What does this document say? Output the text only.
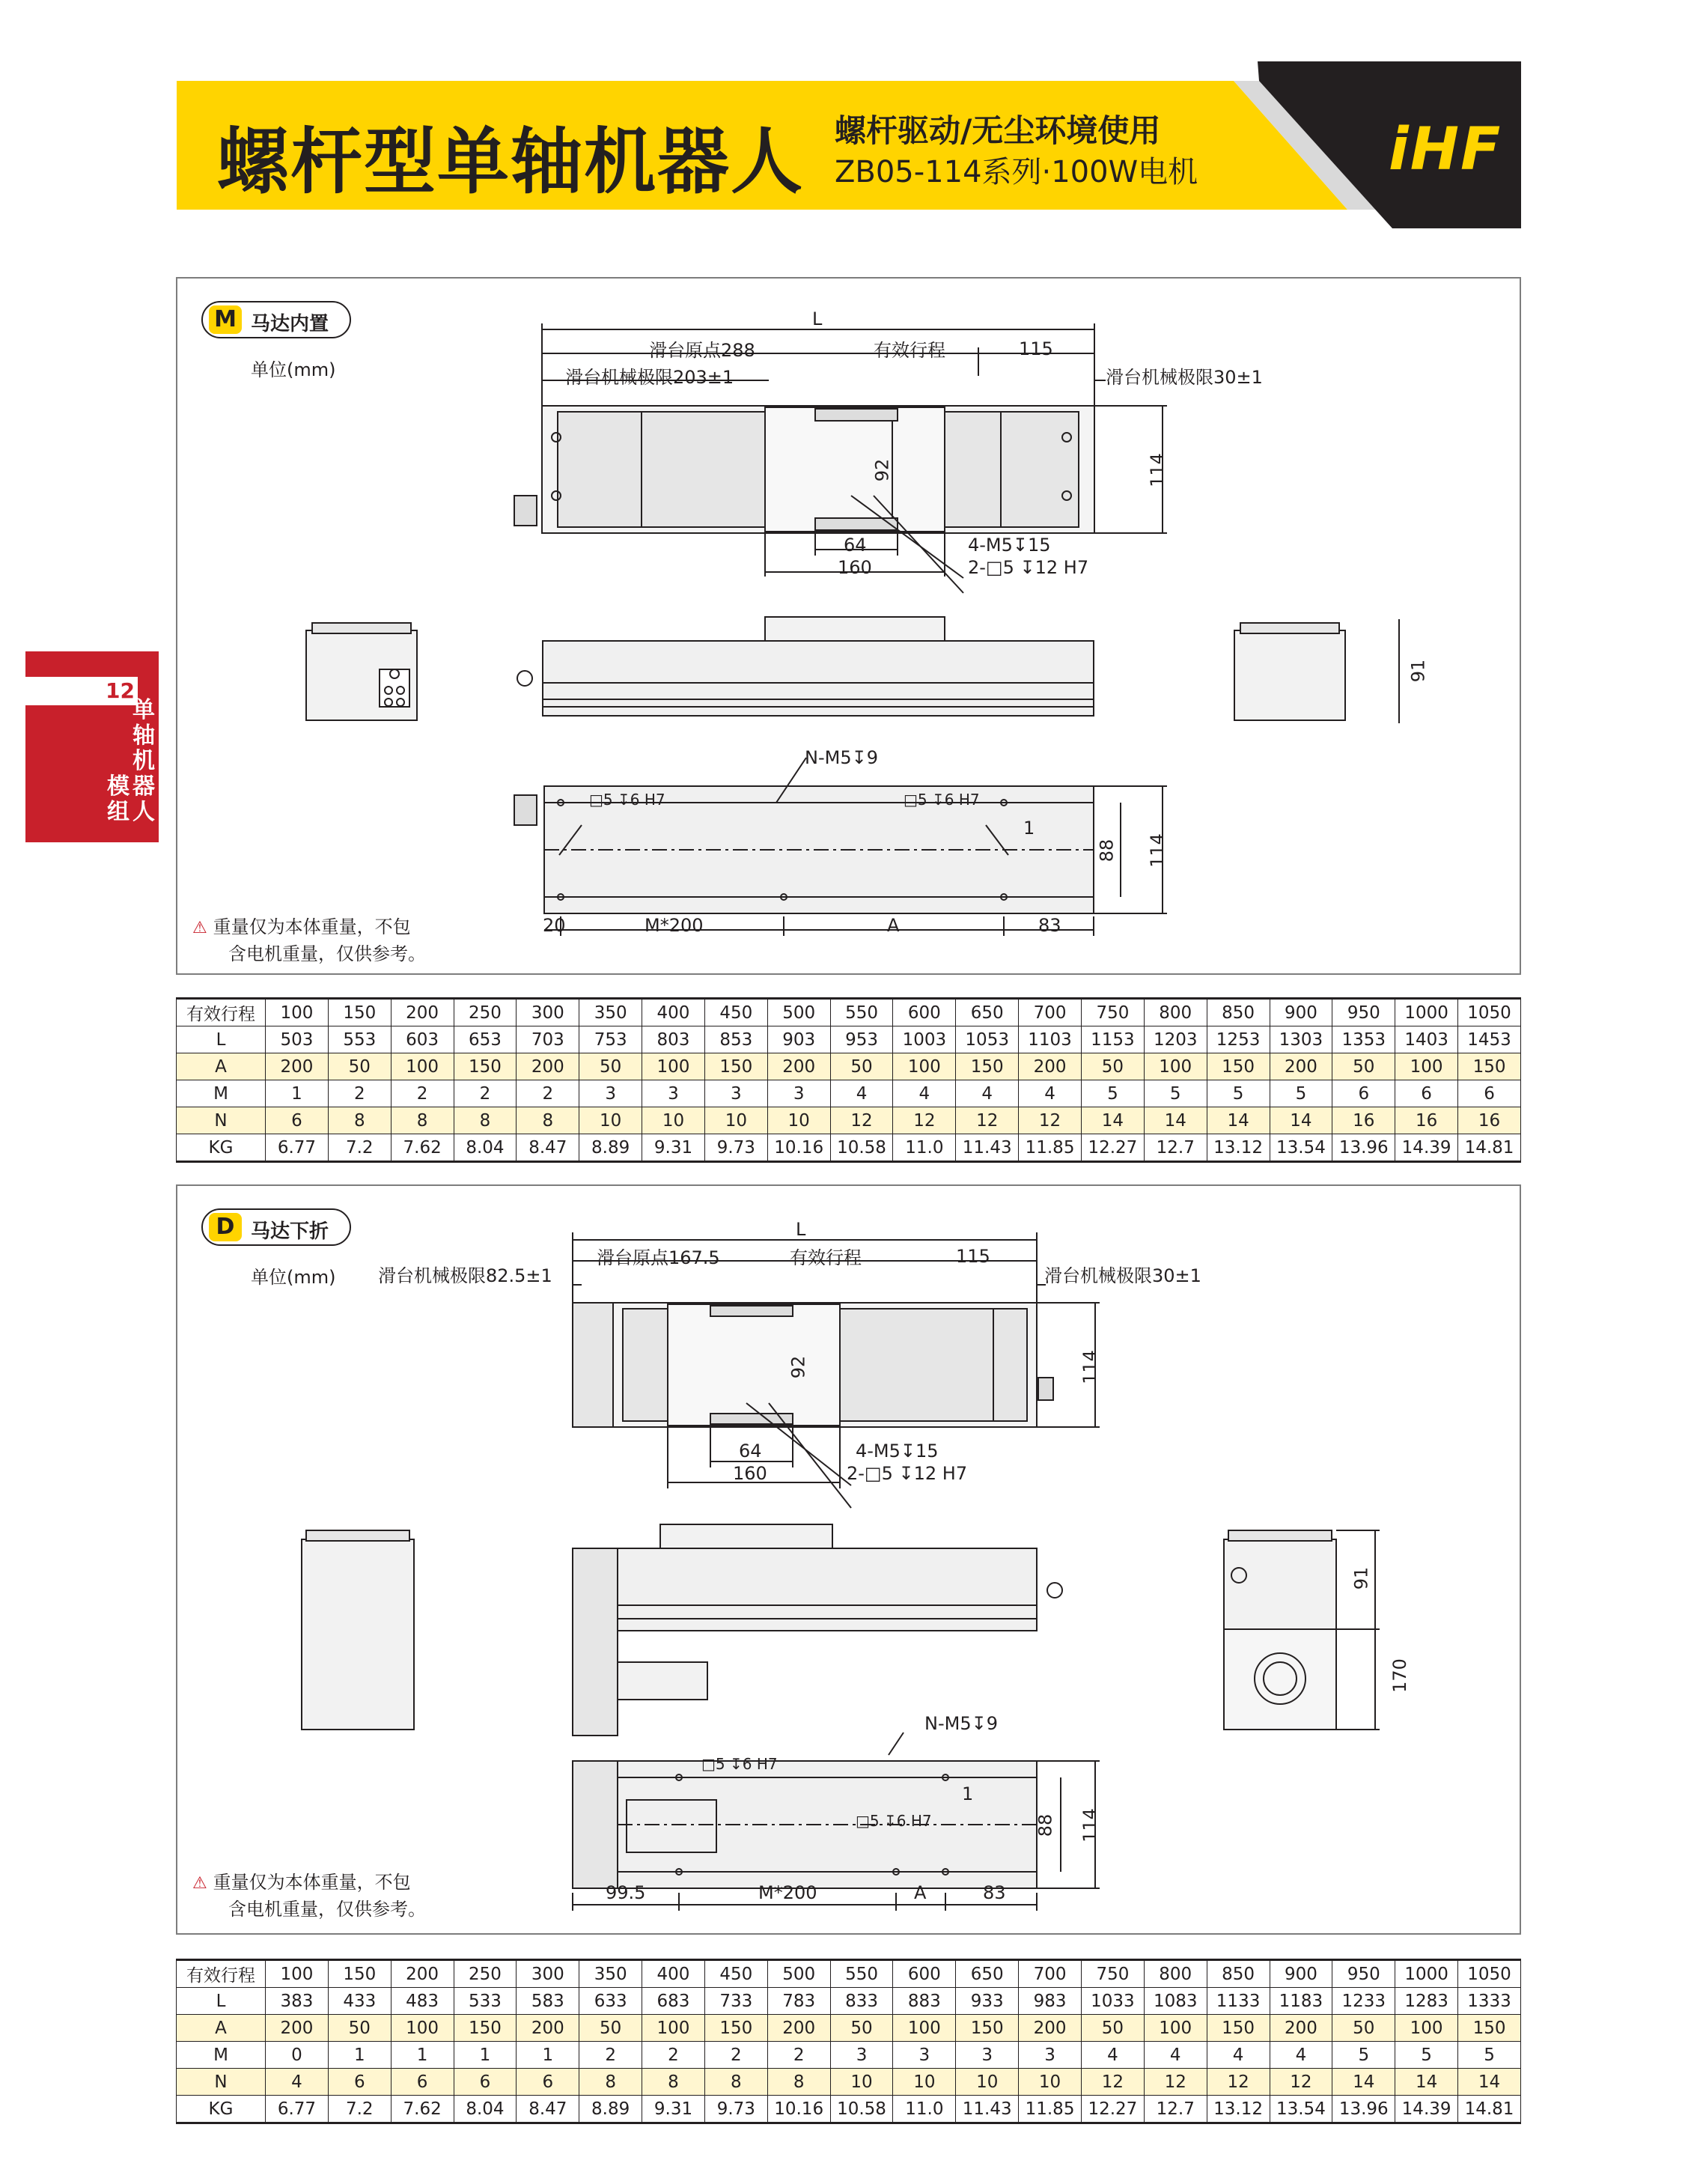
螺杆型单轴机器人 螺杆驱动/无尘环境使用
ZB05-114系列·100W电机	iHF
12
单轴机器人
模组
M 马达内置
单位(mm)
⚠ 重量仅为本体重量，不包
含电机重量，仅供参考。
L
滑台原点288	有效行程	115
滑台机械极限203±1	滑台机械极限30±1
92	114
64
160
4-M5↧15
2-□5 ↧12 H7
91
N-M5↧9
□5 ↧6 H7	□5 ↧6 H7
1
88 114
20	M*200	A	83
有效行程	100	150	200	250	300	350	400	450	500	550	600	650	700	750	800	850	900	950	1000	1050
L	503	553	603	653	703	753	803	853	903	953	1003	1053	1103	1153	1203	1253	1303	1353	1403	1453
A	200	50	100	150	200	50	100	150	200	50	100	150	200	50	100	150	200	50	100	150
M	1	2	2	2	2	3	3	3	3	4	4	4	4	5	5	5	5	6	6	6
N	6	8	8	8	8	10	10	10	10	12	12	12	12	14	14	14	14	16	16	16
KG	6.77	7.2	7.62	8.04	8.47	8.89	9.31	9.73	10.16	10.58	11.0	11.43	11.85	12.27	12.7	13.12	13.54	13.96	14.39	14.81
D 马达下折
单位(mm)
⚠ 重量仅为本体重量，不包
含电机重量，仅供参考。
L
滑台原点167.5	有效行程	115
滑台机械极限82.5±1	滑台机械极限30±1
92	114
64
160
4-M5↧15
2-□5 ↧12 H7
91
170
N-M5↧9
□5 ↧6 H7
□5 ↧6 H7
1
88 114
99.5	M*200	A	83
有效行程	100	150	200	250	300	350	400	450	500	550	600	650	700	750	800	850	900	950	1000	1050
L	383	433	483	533	583	633	683	733	783	833	883	933	983	1033	1083	1133	1183	1233	1283	1333
A	200	50	100	150	200	50	100	150	200	50	100	150	200	50	100	150	200	50	100	150
M	0	1	1	1	1	2	2	2	2	3	3	3	3	4	4	4	4	5	5	5
N	4	6	6	6	6	8	8	8	8	10	10	10	10	12	12	12	12	14	14	14
KG	6.77	7.2	7.62	8.04	8.47	8.89	9.31	9.73	10.16	10.58	11.0	11.43	11.85	12.27	12.7	13.12	13.54	13.96	14.39	14.81
